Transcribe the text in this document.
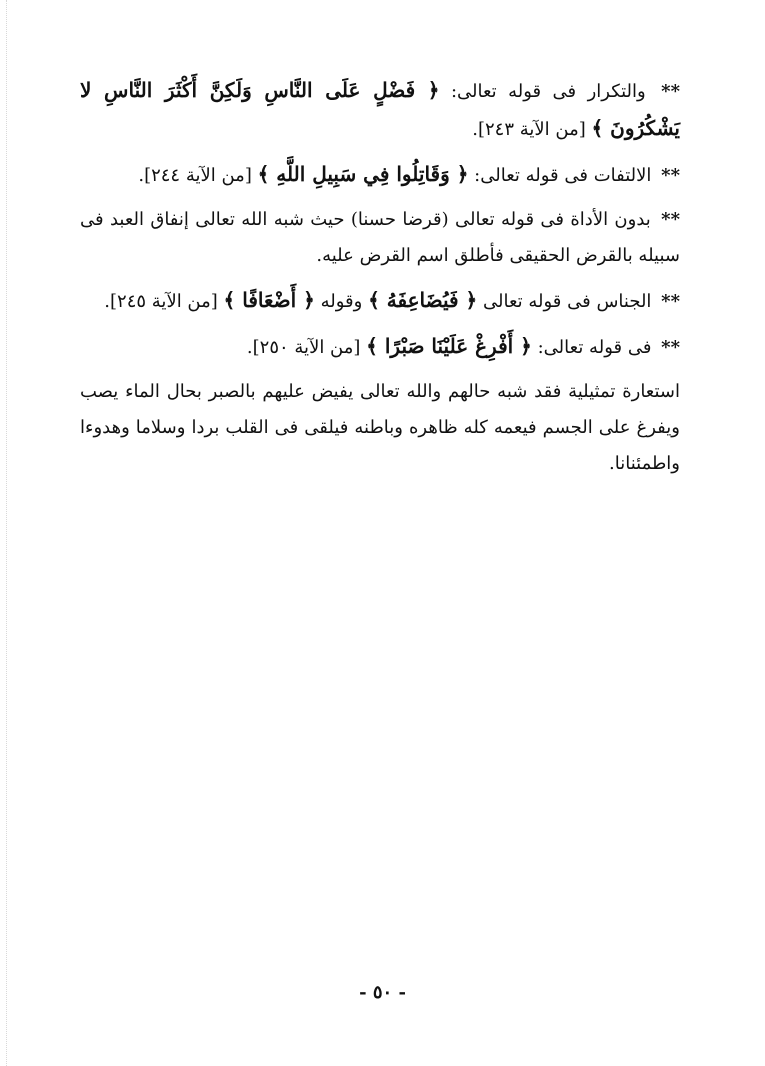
** والتكرار فى قوله تعالى: ﴿ فَضْلٍ عَلَى النَّاسِ وَلَكِنَّ أَكْثَرَ النَّاسِ لا يَشْكُرُونَ ﴾ [من الآية ٢٤٣].

** الالتفات فى قوله تعالى: ﴿ وَقَاتِلُوا فِي سَبِيلِ اللَّهِ ﴾ [من الآية ٢٤٤].

** بدون الأداة فى قوله تعالى (قرضا حسنا) حيث شبه الله تعالى إنفاق العبد فى سبيله بالقرض الحقيقى فأطلق اسم القرض عليه.

** الجناس فى قوله تعالى ﴿ فَيُضَاعِفَهُ ﴾ وقوله ﴿ أَضْعَافًا ﴾ [من الآية ٢٤٥].

** فى قوله تعالى: ﴿ أَفْرِغْ عَلَيْنَا صَبْرًا ﴾ [من الآية ٢٥٠].

استعارة تمثيلية فقد شبه حالهم والله تعالى يفيض عليهم بالصبر بحال الماء يصب ويفرغ على الجسم فيعمه كله ظاهره وباطنه فيلقى فى القلب بردا وسلاما وهدوءا واطمئنانا.

- ٥٠ -
